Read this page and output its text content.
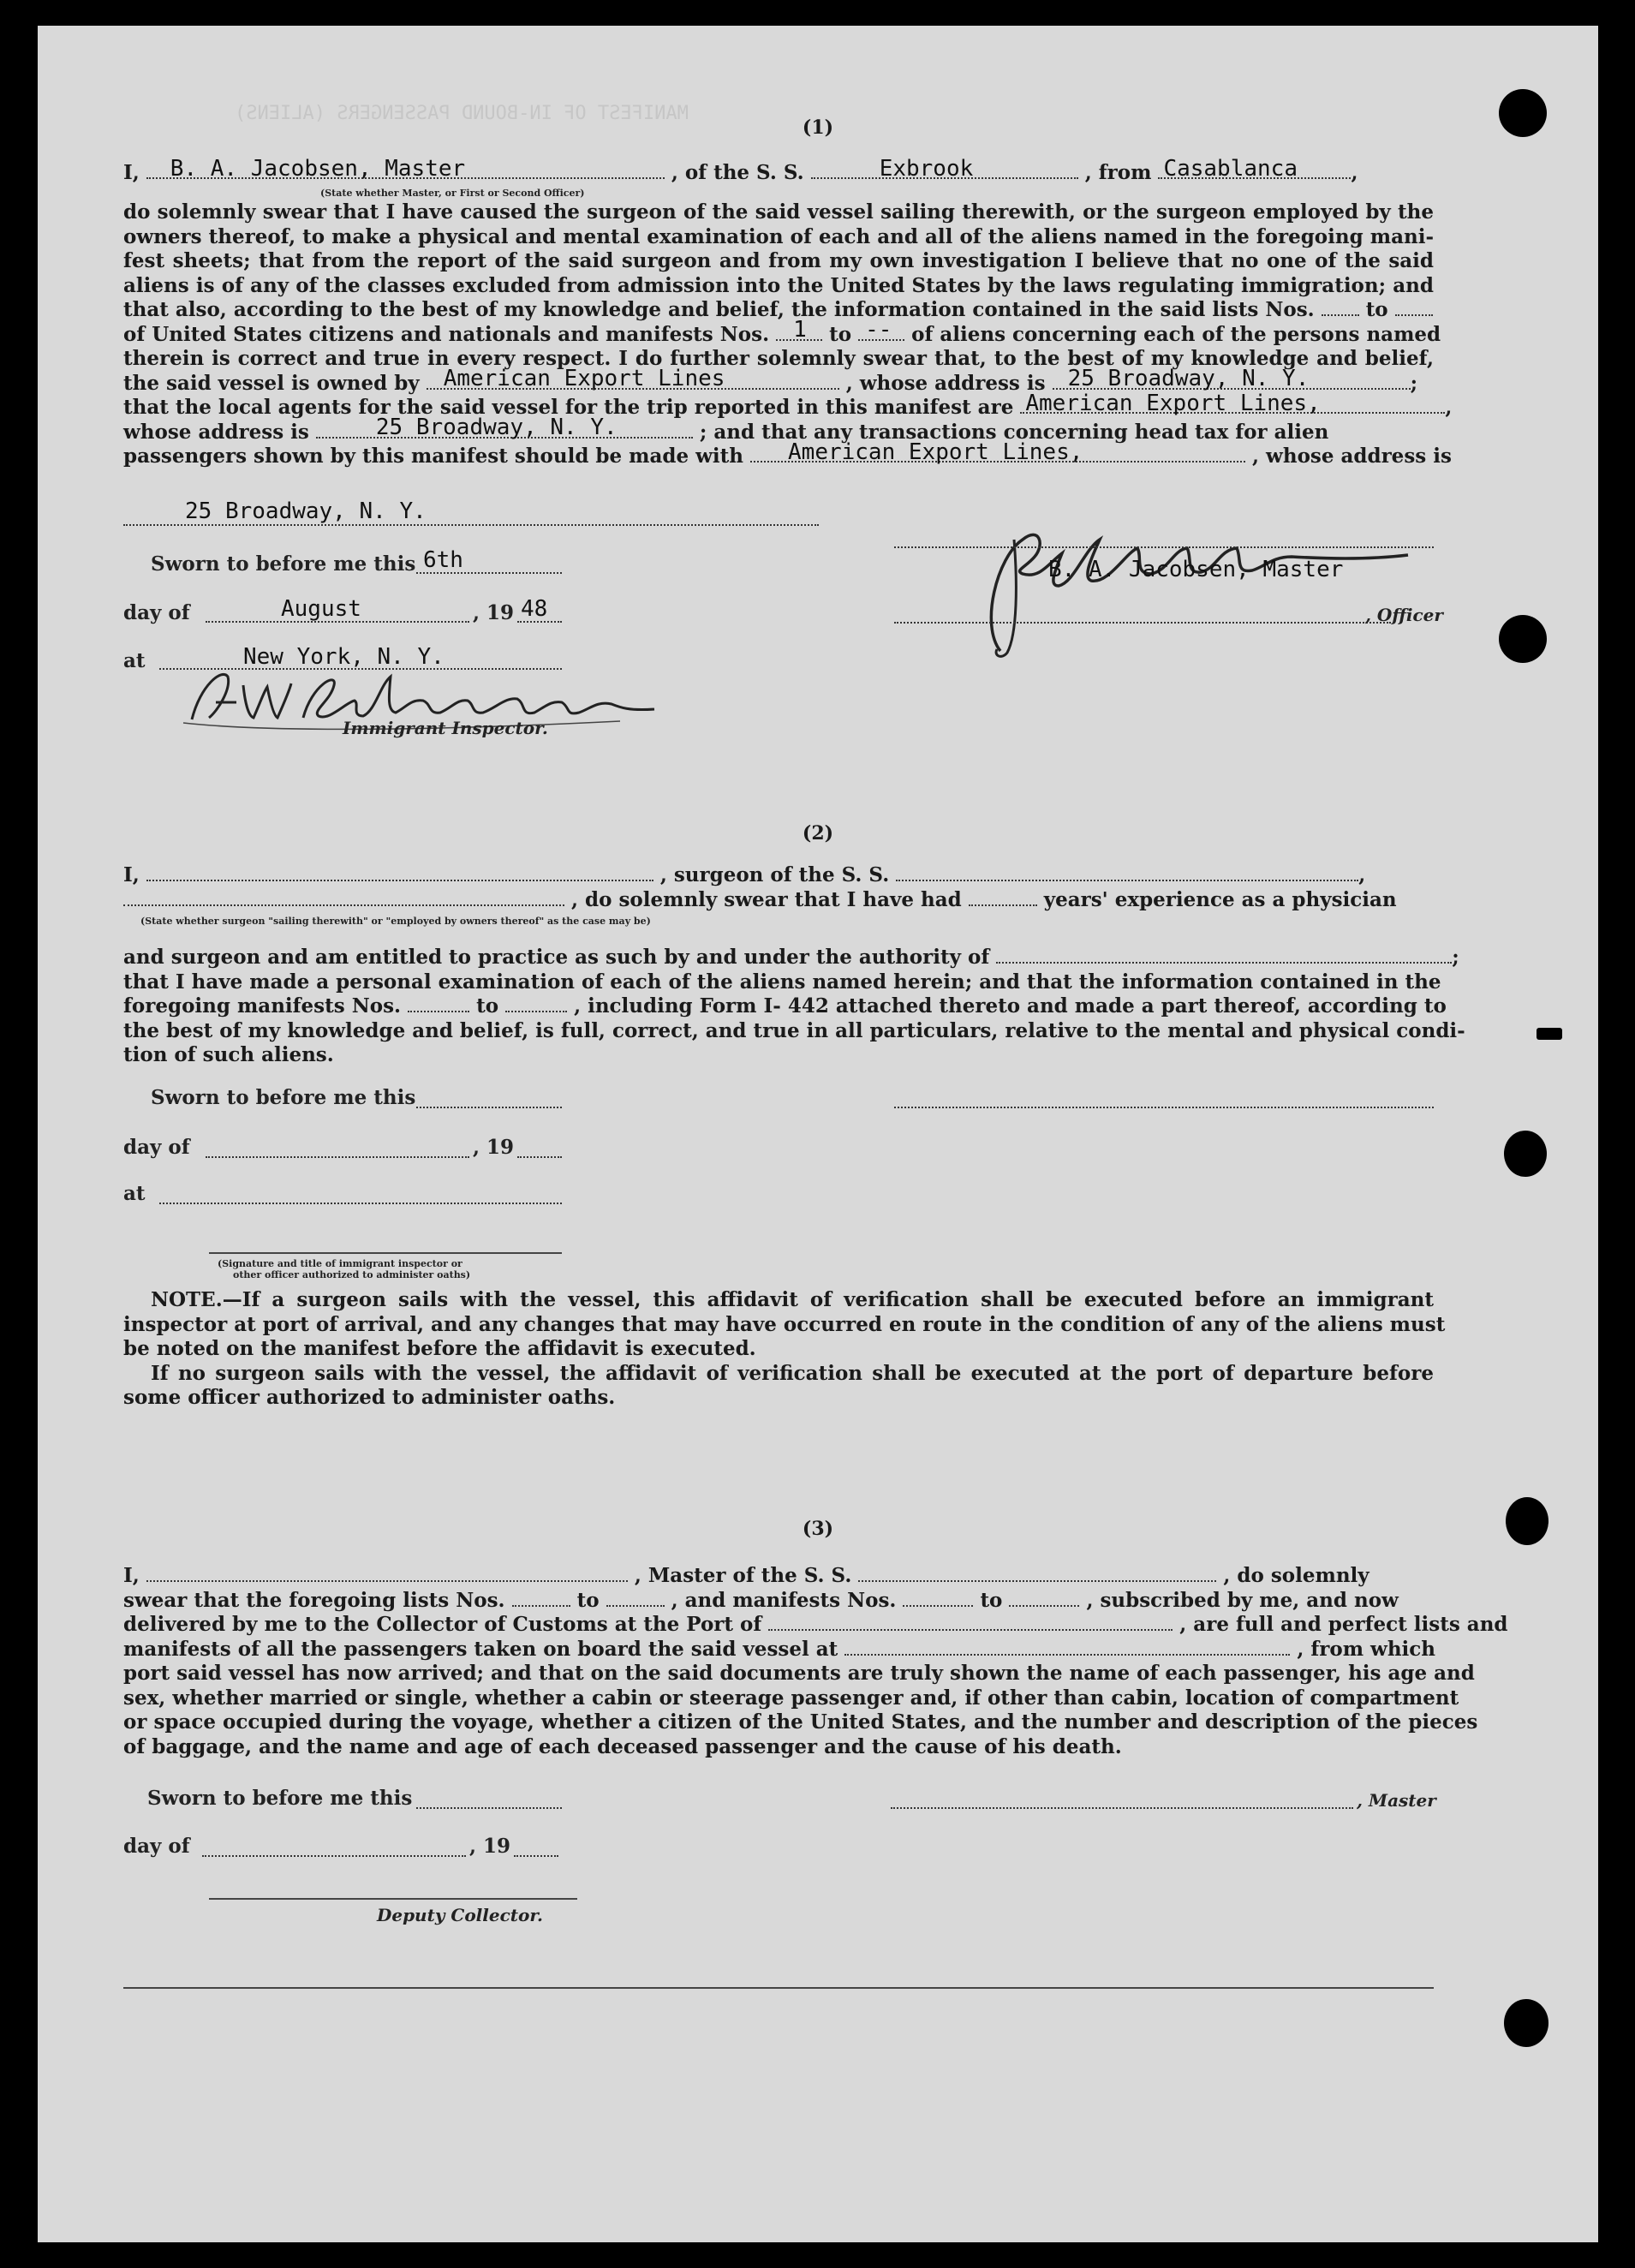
MANIFEST OF IN-BOUND PASSENGERS (ALIENS)
(1)
I, B. A. Jacobsen, Master	, of the S. S.	Exbrook	, from Casablanca	,
(State whether Master, or First or Second Officer)
do solemnly swear that I have caused the surgeon of the said vessel sailing therewith, or the surgeon employed by the
owners thereof, to make a physical and mental examination of each and all of the aliens named in the foregoing mani-
fest sheets; that from the report of the said surgeon and from my own investigation I believe that no one of the said
aliens is of any of the classes excluded from admission into the United States by the laws regulating immigration; and
that also, according to the best of my knowledge and belief, the information contained in the said lists Nos.	to
of United States citizens and nationals and manifests Nos. 1 to -- of aliens concerning each of the persons named
therein is correct and true in every respect. I do further solemnly swear that, to the best of my knowledge and belief,
the said vessel is owned by American Export Lines	, whose address is 25 Broadway, N. Y.	;
that the local agents for the said vessel for the trip reported in this manifest are American Export Lines,	,
whose address is	25 Broadway, N. Y.	; and that any transactions concerning head tax for alien
passengers shown by this manifest should be made with American Export Lines,	, whose address is
25 Broadway, N. Y.
Sworn to before me this 6th
day of	August	, 19 48
at	New York, N. Y.
Immigrant Inspector.
B. A. Jacobsen, Master
, Officer
(2)
I,	, surgeon of the S. S.	,
, do solemnly swear that I have had	years' experience as a physician
(State whether surgeon "sailing therewith" or "employed by owners thereof" as the case may be)
and surgeon and am entitled to practice as such by and under the authority of	;
that I have made a personal examination of each of the aliens named herein; and that the information contained in the
foregoing manifests Nos.	to	, including Form I- 442 attached thereto and made a part thereof, according to
the best of my knowledge and belief, is full, correct, and true in all particulars, relative to the mental and physical condi-
tion of such aliens.
Sworn to before me this
day of	, 19
at
(Signature and title of immigrant inspector or
other officer authorized to administer oaths)
NOTE.—If a surgeon sails with the vessel, this affidavit of verification shall be executed before an immigrant
inspector at port of arrival, and any changes that may have occurred en route in the condition of any of the aliens must
be noted on the manifest before the affidavit is executed.
If no surgeon sails with the vessel, the affidavit of verification shall be executed at the port of departure before
some officer authorized to administer oaths.
(3)
I,	, Master of the S. S.	, do solemnly
swear that the foregoing lists Nos.	to	, and manifests Nos.	to	, subscribed by me, and now
delivered by me to the Collector of Customs at the Port of	, are full and perfect lists and
manifests of all the passengers taken on board the said vessel at	, from which
port said vessel has now arrived; and that on the said documents are truly shown the name of each passenger, his age and
sex, whether married or single, whether a cabin or steerage passenger and, if other than cabin, location of compartment
or space occupied during the voyage, whether a citizen of the United States, and the number and description of the pieces
of baggage, and the name and age of each deceased passenger and the cause of his death.
Sworn to before me this	, Master
day of	, 19
Deputy Collector.
